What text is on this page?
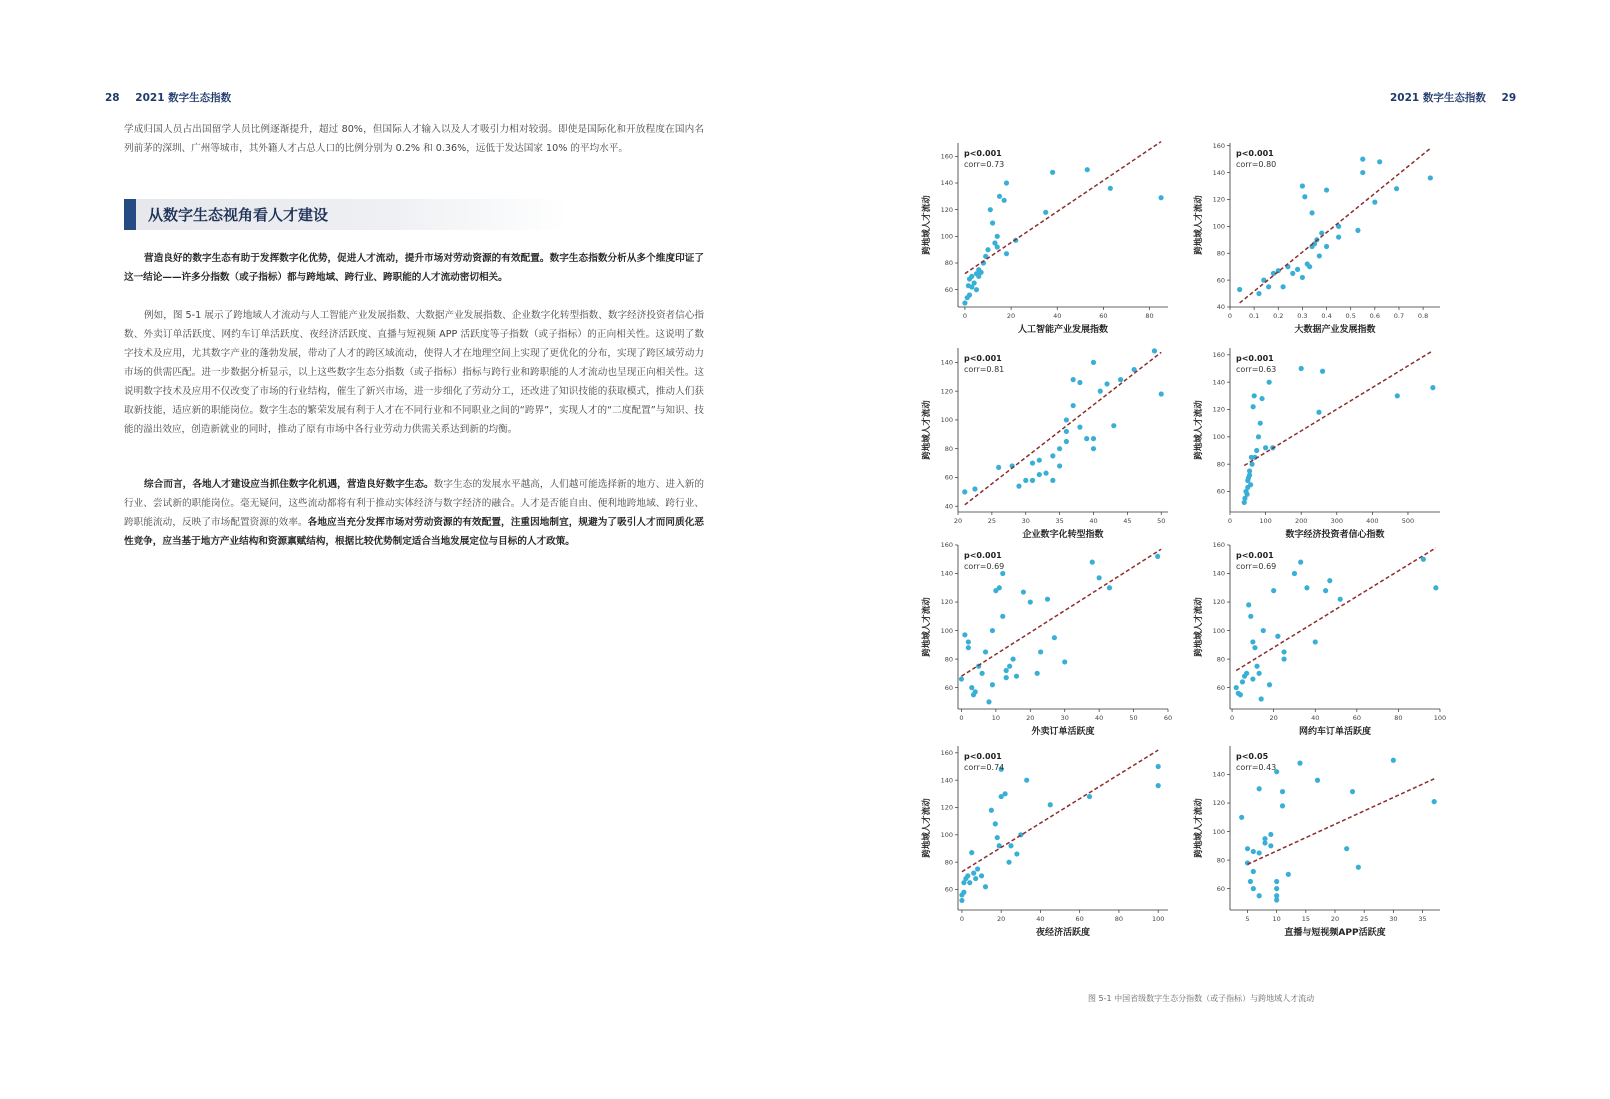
28 2021 数字生态指数	2021 数字生态指数 29
学成归国人员占出国留学人员比例逐渐提升，超过 80%，但国际人才输入以及人才吸引力相对较弱。即使是国际化和开放程度在国内名列前茅的深圳、广州等城市，其外籍人才占总人口的比例分别为 0.2% 和 0.36%，远低于发达国家 10% 的平均水平。
从数字生态视角看人才建设
营造良好的数字生态有助于发挥数字化优势，促进人才流动，提升市场对劳动资源的有效配置。数字生态指数分析从多个维度印证了这一结论——许多分指数（或子指标）都与跨地域、跨行业、跨职能的人才流动密切相关。
例如，图 5-1 展示了跨地域人才流动与人工智能产业发展指数、大数据产业发展指数、企业数字化转型指数、数字经济投资者信心指数、外卖订单活跃度、网约车订单活跃度、夜经济活跃度、直播与短视频 APP 活跃度等子指数（或子指标）的正向相关性。这说明了数字技术及应用，尤其数字产业的蓬勃发展，带动了人才的跨区域流动，使得人才在地理空间上实现了更优化的分布，实现了跨区域劳动力市场的供需匹配。进一步数据分析显示，以上这些数字生态分指数（或子指标）指标与跨行业和跨职能的人才流动也呈现正向相关性。这说明数字技术及应用不仅改变了市场的行业结构，催生了新兴市场，进一步细化了劳动分工，还改进了知识技能的获取模式，推动人们获取新技能，适应新的职能岗位。数字生态的繁荣发展有利于人才在不同行业和不同职业之间的“跨界”，实现人才的“二度配置”与知识、技能的溢出效应，创造新就业的同时，推动了原有市场中各行业劳动力供需关系达到新的均衡。
综合而言，各地人才建设应当抓住数字化机遇，营造良好数字生态。数字生态的发展水平越高，人们越可能选择新的地方、进入新的行业、尝试新的职能岗位。毫无疑问，这些流动都将有利于推动实体经济与数字经济的融合。人才是否能自由、便利地跨地域、跨行业、跨职能流动，反映了市场配置资源的效率。各地应当充分发挥市场对劳动资源的有效配置，注重因地制宜，规避为了吸引人才而同质化恶性竞争，应当基于地方产业结构和资源禀赋结构，根据比较优势制定适合当地发展定位与目标的人才政策。
0	20	40	60	80
60
80
100
120
140
160 p<0.001
corr=0.73
人工智能产业发展指数
跨地域人才流动
0	0.1 0.2 0.3 0.4 0.5 0.6 0.7 0.8
40
60
80
100
120
140
160
p<0.001
corr=0.80
大数据产业发展指数
跨地域人才流动
20	25	30	35	40	45	50
40
60
80
100
120
140 p<0.001
corr=0.81
企业数字化转型指数
跨地域人才流动
0	100	200	300	400	500
60
80
100
120
140
160 p<0.001
corr=0.63
数字经济投资者信心指数
跨地域人才流动
0	10	20	30	40	50	60
60
80
100
120
140
160
p<0.001
corr=0.69
外卖订单活跃度
跨地域人才流动
0	20	40	60	80	100
60
80
100
120
140
160
p<0.001
corr=0.69
网约车订单活跃度
跨地域人才流动
0	20	40	60	80	100
60
80
100
120
140
160 p<0.001
corr=0.74
夜经济活跃度
跨地域人才流动
5	10	15	20	25	30	35
60
80
100
120
140
p<0.05
corr=0.43
直播与短视频APP活跃度
跨地域人才流动
图 5-1 中国省级数字生态分指数（或子指标）与跨地域人才流动
